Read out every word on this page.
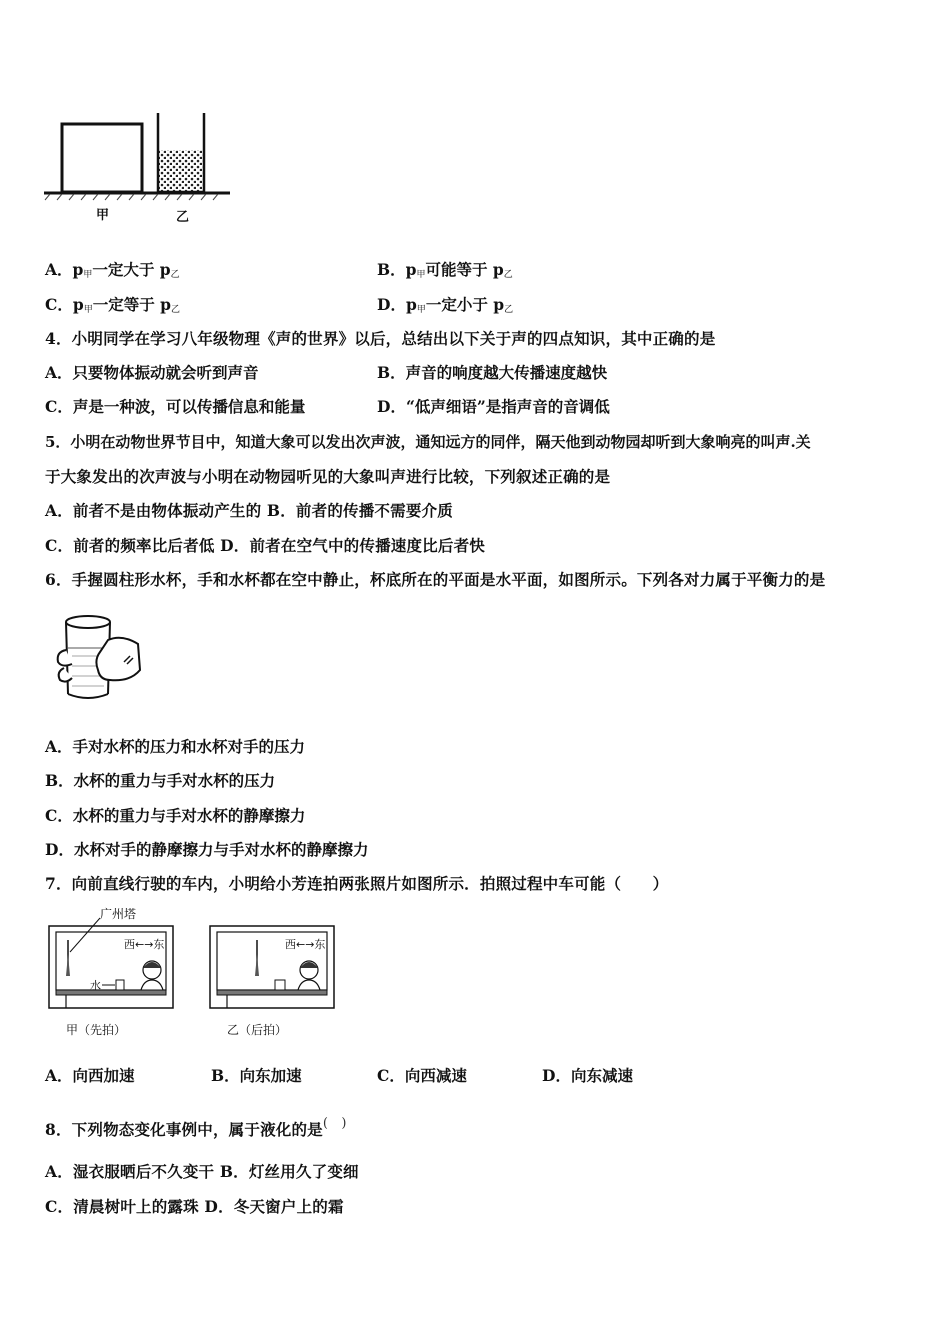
甲	乙
A．$p_甲$一定大于 $p_乙$	B．$p_甲$可能等于 $p_乙$
C．$p_甲$一定等于 $p_乙$	D．$p_甲$一定小于 $p_乙$
4．小明同学在学习八年级物理《声的世界》以后，总结出以下关于声的四点知识，其中正确的是
A．只要物体振动就会听到声音	B．声音的响度越大传播速度越快
C．声是一种波，可以传播信息和能量	D．“低声细语”是指声音的音调低
5．小明在动物世界节目中，知道大象可以发出次声波，通知远方的同伴，隔天他到动物园却听到大象响亮的叫声.关
于大象发出的次声波与小明在动物园听见的大象叫声进行比较，下列叙述正确的是
A．前者不是由物体振动产生的 B．前者的传播不需要介质
C．前者的频率比后者低 D．前者在空气中的传播速度比后者快
6．手握圆柱形水杯，手和水杯都在空中静止，杯底所在的平面是水平面，如图所示。下列各对力属于平衡力的是
A．手对水杯的压力和水杯对手的压力
B．水杯的重力与手对水杯的压力
C．水杯的重力与手对水杯的静摩擦力
D．水杯对手的静摩擦力与手对水杯的静摩擦力
7．向前直线行驶的车内，小明给小芳连拍两张照片如图所示．拍照过程中车可能（　　）
广州塔
西←→东
水
甲（先拍）
西←→东
乙（后拍）
A．向西加速	B．向东加速	C．向西减速	D．向东减速
8．下列物态变化事例中，属于液化的是(　)
A．湿衣服晒后不久变干 B．灯丝用久了变细
C．清晨树叶上的露珠 D．冬天窗户上的霜
